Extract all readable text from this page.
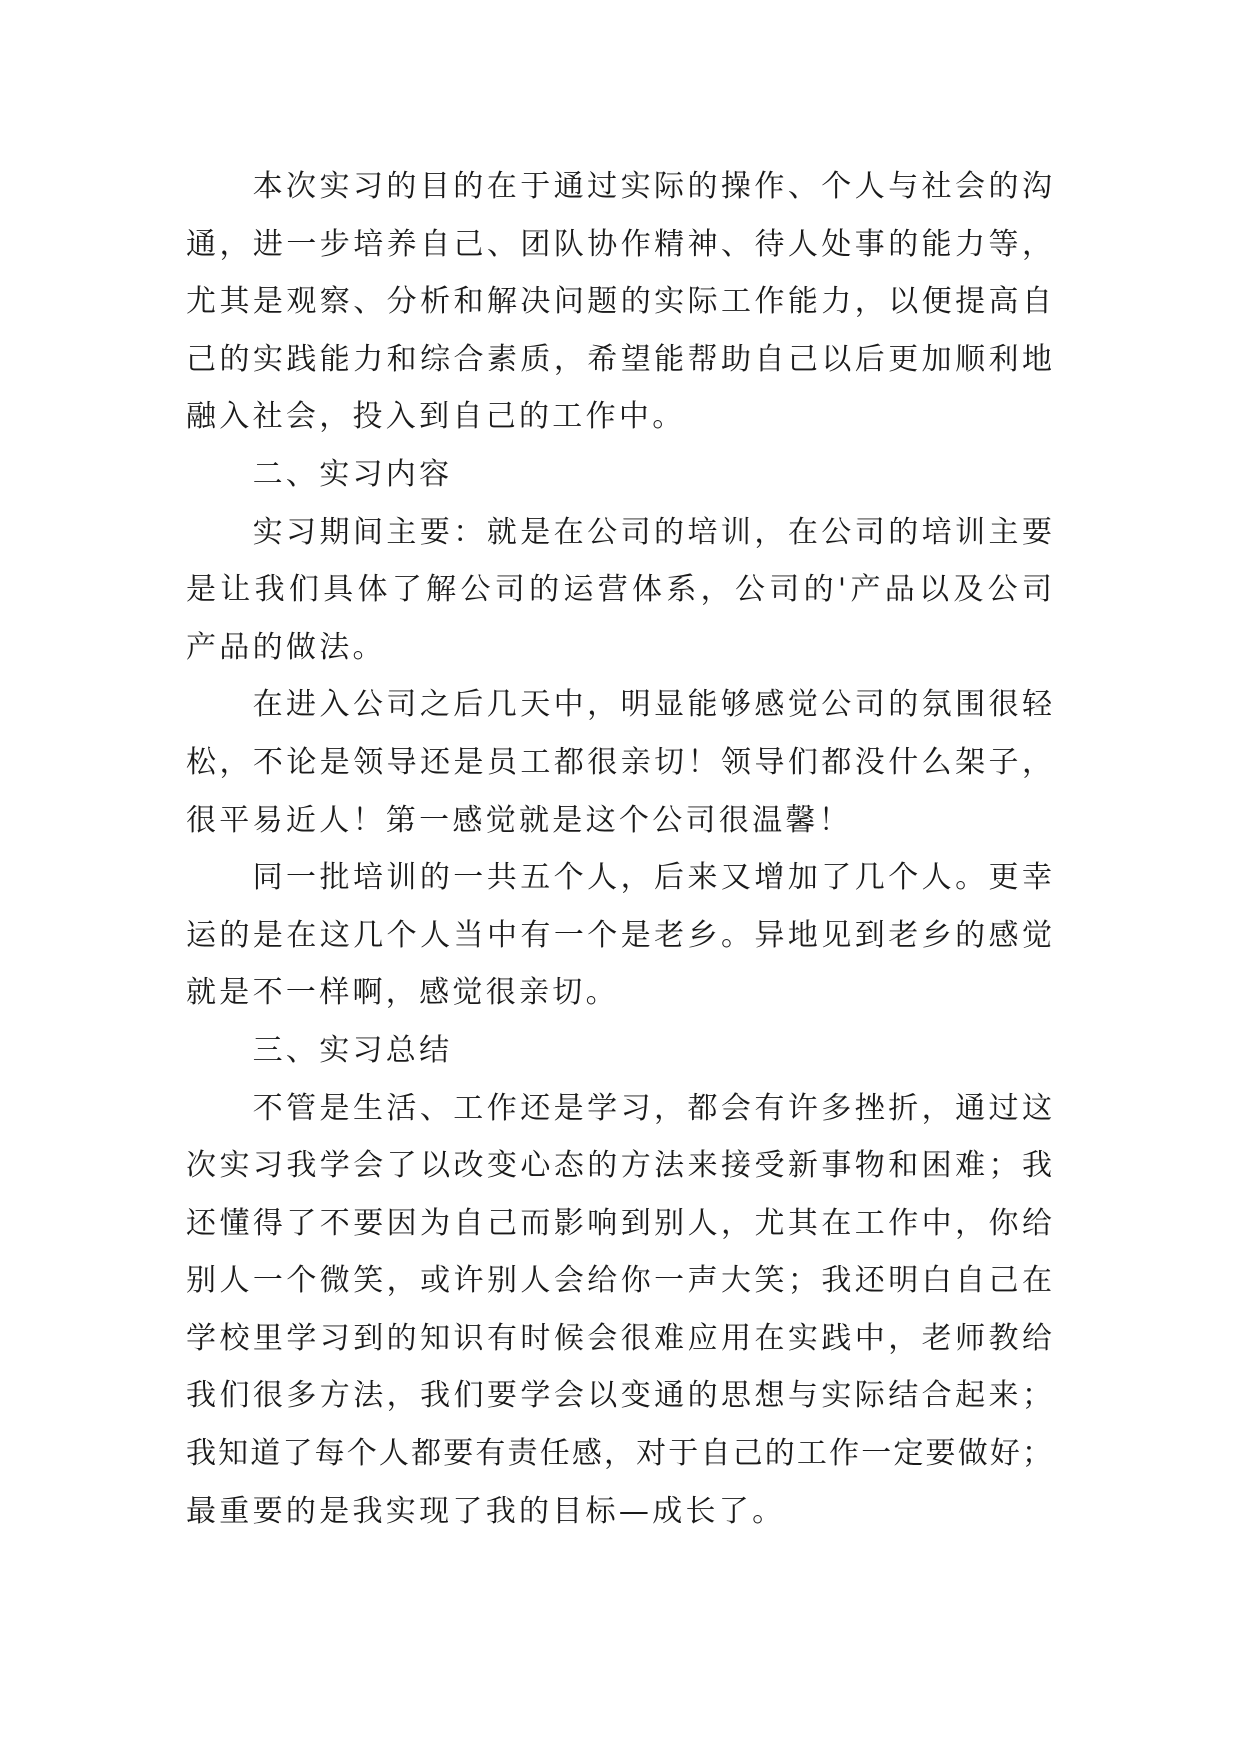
本次实习的目的在于通过实际的操作、个人与社会的沟
通，进一步培养自己、团队协作精神、待人处事的能力等，
尤其是观察、分析和解决问题的实际工作能力，以便提高自
己的实践能力和综合素质，希望能帮助自己以后更加顺利地
融入社会，投入到自己的工作中。
二、实习内容
实习期间主要：就是在公司的培训，在公司的培训主要
是让我们具体了解公司的运营体系，公司的'产品以及公司
产品的做法。
在进入公司之后几天中，明显能够感觉公司的氛围很轻
松，不论是领导还是员工都很亲切！领导们都没什么架子，
很平易近人！第一感觉就是这个公司很温馨！
同一批培训的一共五个人，后来又增加了几个人。更幸
运的是在这几个人当中有一个是老乡。异地见到老乡的感觉
就是不一样啊，感觉很亲切。
三、实习总结
不管是生活、工作还是学习，都会有许多挫折，通过这
次实习我学会了以改变心态的方法来接受新事物和困难；我
还懂得了不要因为自己而影响到别人，尤其在工作中，你给
别人一个微笑，或许别人会给你一声大笑；我还明白自己在
学校里学习到的知识有时候会很难应用在实践中，老师教给
我们很多方法，我们要学会以变通的思想与实际结合起来；
我知道了每个人都要有责任感，对于自己的工作一定要做好；
最重要的是我实现了我的目标—成长了。
